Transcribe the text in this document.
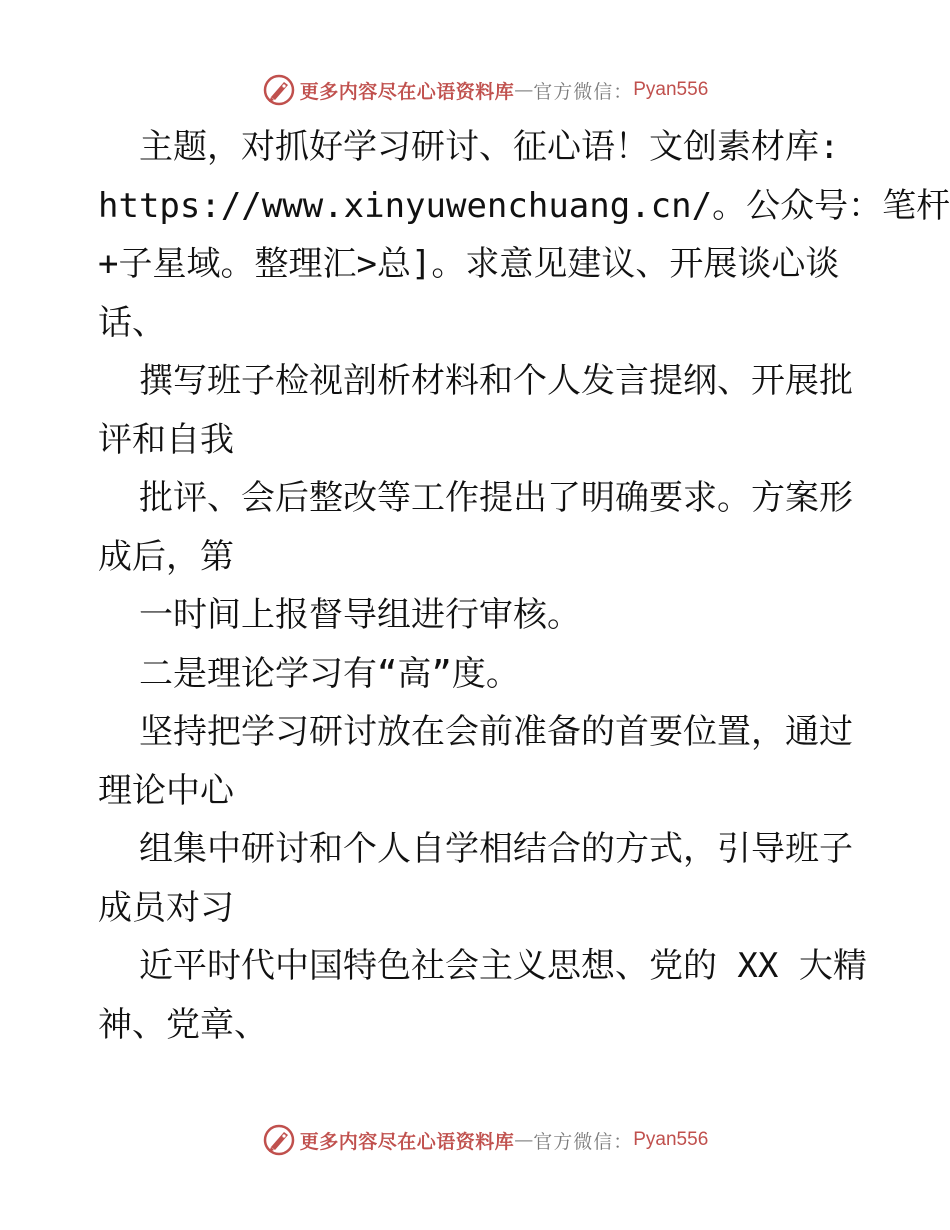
更多内容尽在心语资料库 — 官方微信： Pyan556
主题，对抓好学习研讨、征心语！文创素材库:
https://www.xinyuwenchuang.cn/。公众号：笔杆
+子星域。整理汇>总]。求意见建议、开展谈心谈
话、
撰写班子检视剖析材料和个人发言提纲、开展批
评和自我
批评、会后整改等工作提出了明确要求。方案形
成后，第
一时间上报督导组进行审核。
二是理论学习有“高”度。
坚持把学习研讨放在会前准备的首要位置，通过
理论中心
组集中研讨和个人自学相结合的方式，引导班子
成员对习
近平时代中国特色社会主义思想、党的 XX 大精
神、党章、
更多内容尽在心语资料库 — 官方微信： Pyan556
